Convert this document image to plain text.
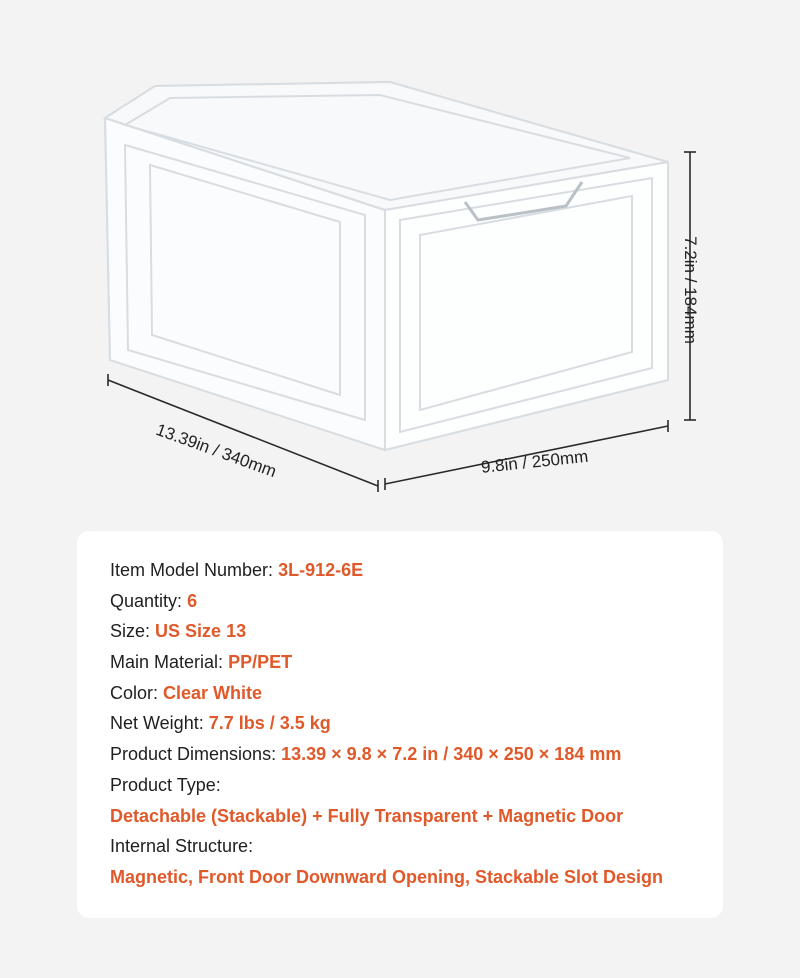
13.39in / 340mm	9.8in / 250mm
7.2in / 184mm
Item Model Number: 3L-912-6E
Quantity: 6
Size: US Size 13
Main Material: PP/PET
Color: Clear White
Net Weight: 7.7 lbs / 3.5 kg
Product Dimensions: 13.39 × 9.8 × 7.2 in / 340 × 250 × 184 mm
Product Type:
Detachable (Stackable) + Fully Transparent + Magnetic Door
Internal Structure:
Magnetic, Front Door Downward Opening, Stackable Slot Design
